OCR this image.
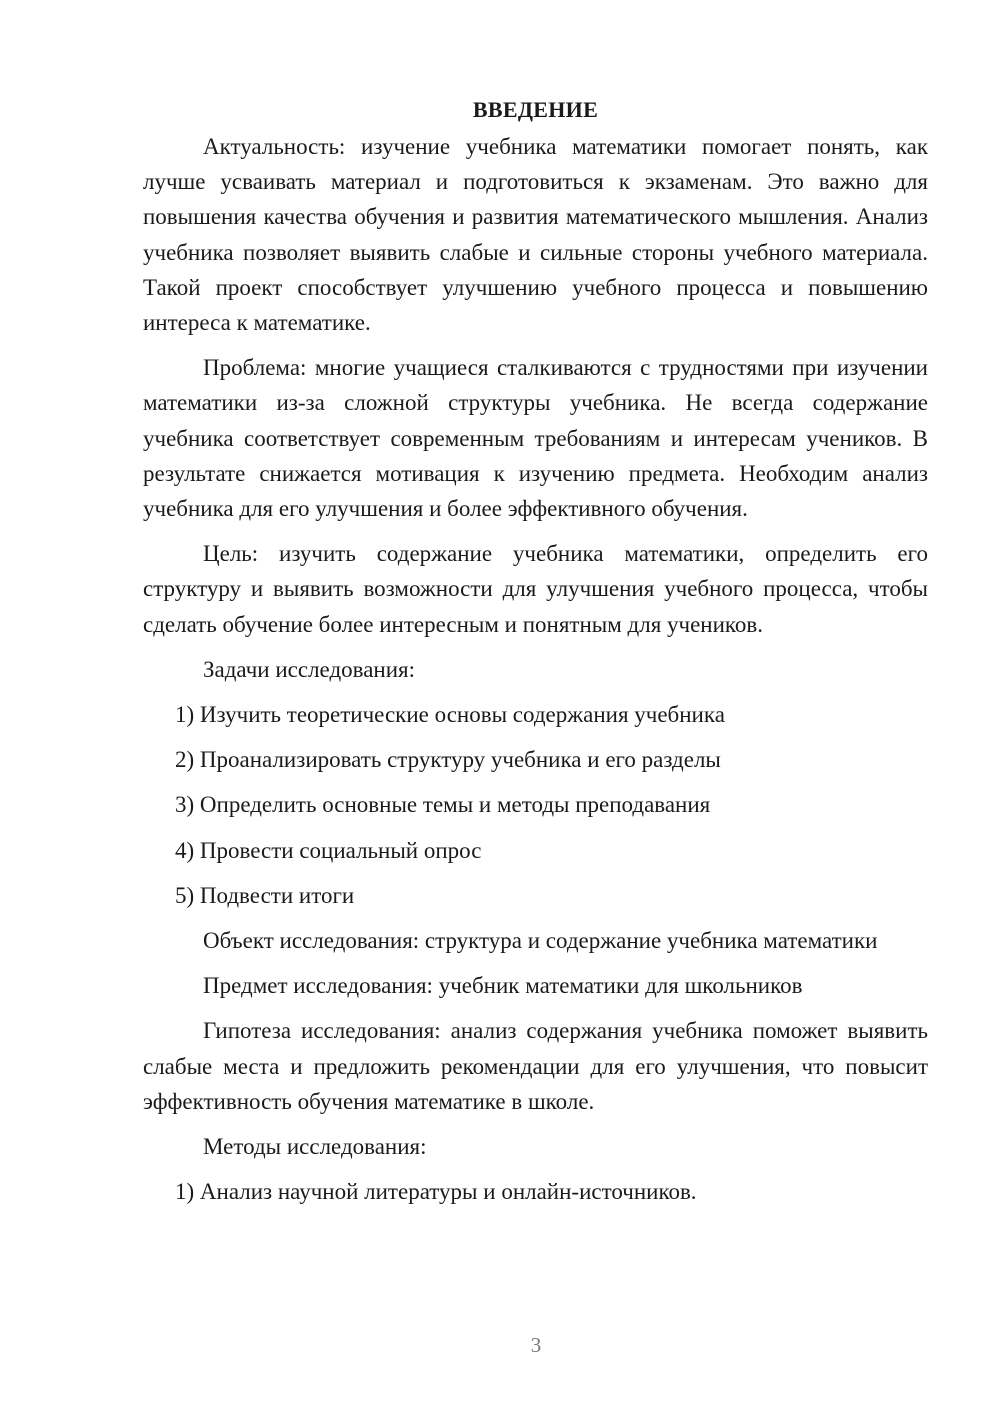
ВВЕДЕНИЕ

Актуальность: изучение учебника математики помогает понять, как лучше усваивать материал и подготовиться к экзаменам. Это важно для повышения качества обучения и развития математического мышления. Анализ учебника позволяет выявить слабые и сильные стороны учебного материала. Такой проект способствует улучшению учебного процесса и повышению интереса к математике.

Проблема: многие учащиеся сталкиваются с трудностями при изучении математики из-за сложной структуры учебника. Не всегда содержание учебника соответствует современным требованиям и интересам учеников. В результате снижается мотивация к изучению предмета. Необходим анализ учебника для его улучшения и более эффективного обучения.

Цель: изучить содержание учебника математики, определить его структуру и выявить возможности для улучшения учебного процесса, чтобы сделать обучение более интересным и понятным для учеников.

Задачи исследования:
1) Изучить теоретические основы содержания учебника
2) Проанализировать структуру учебника и его разделы
3) Определить основные темы и методы преподавания
4) Провести социальный опрос
5) Подвести итоги

Объект исследования: структура и содержание учебника математики

Предмет исследования: учебник математики для школьников

Гипотеза исследования: анализ содержания учебника поможет выявить слабые места и предложить рекомендации для его улучшения, что повысит эффективность обучения математике в школе.

Методы исследования:
1) Анализ научной литературы и онлайн-источников.
3
